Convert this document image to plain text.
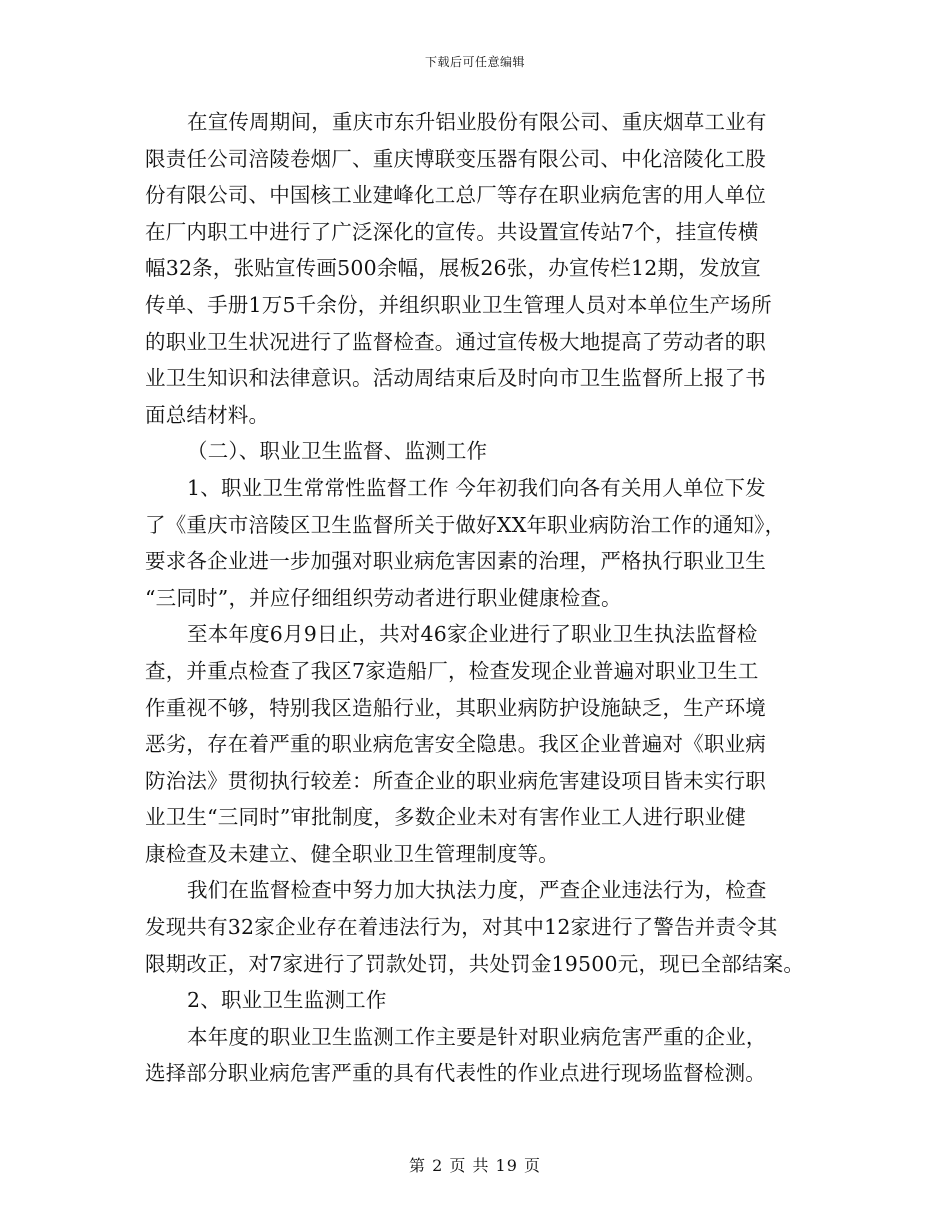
下载后可任意编辑
在宣传周期间，重庆市东升铝业股份有限公司、重庆烟草工业有
限责任公司涪陵卷烟厂、重庆博联变压器有限公司、中化涪陵化工股
份有限公司、中国核工业建峰化工总厂等存在职业病危害的用人单位
在厂内职工中进行了广泛深化的宣传。共设置宣传站7个，挂宣传横
幅32条，张贴宣传画500余幅，展板26张，办宣传栏12期，发放宣
传单、手册1万5千余份，并组织职业卫生管理人员对本单位生产场所
的职业卫生状况进行了监督检查。通过宣传极大地提高了劳动者的职
业卫生知识和法律意识。活动周结束后及时向市卫生监督所上报了书
面总结材料。
（二）、职业卫生监督、监测工作
1、职业卫生常常性监督工作 今年初我们向各有关用人单位下发
了《重庆市涪陵区卫生监督所关于做好XX年职业病防治工作的通知》，
要求各企业进一步加强对职业病危害因素的治理，严格执行职业卫生
“三同时”，并应仔细组织劳动者进行职业健康检查。
至本年度6月9日止，共对46家企业进行了职业卫生执法监督检
查，并重点检查了我区7家造船厂，检查发现企业普遍对职业卫生工
作重视不够，特别我区造船行业，其职业病防护设施缺乏，生产环境
恶劣，存在着严重的职业病危害安全隐患。我区企业普遍对《职业病
防治法》贯彻执行较差：所查企业的职业病危害建设项目皆未实行职
业卫生“三同时”审批制度，多数企业未对有害作业工人进行职业健
康检查及未建立、健全职业卫生管理制度等。
我们在监督检查中努力加大执法力度，严查企业违法行为，检查
发现共有32家企业存在着违法行为，对其中12家进行了警告并责令其
限期改正，对7家进行了罚款处罚，共处罚金19500元，现已全部结案。
2、职业卫生监测工作
本年度的职业卫生监测工作主要是针对职业病危害严重的企业，
选择部分职业病危害严重的具有代表性的作业点进行现场监督检测。
第 2 页 共 19 页
